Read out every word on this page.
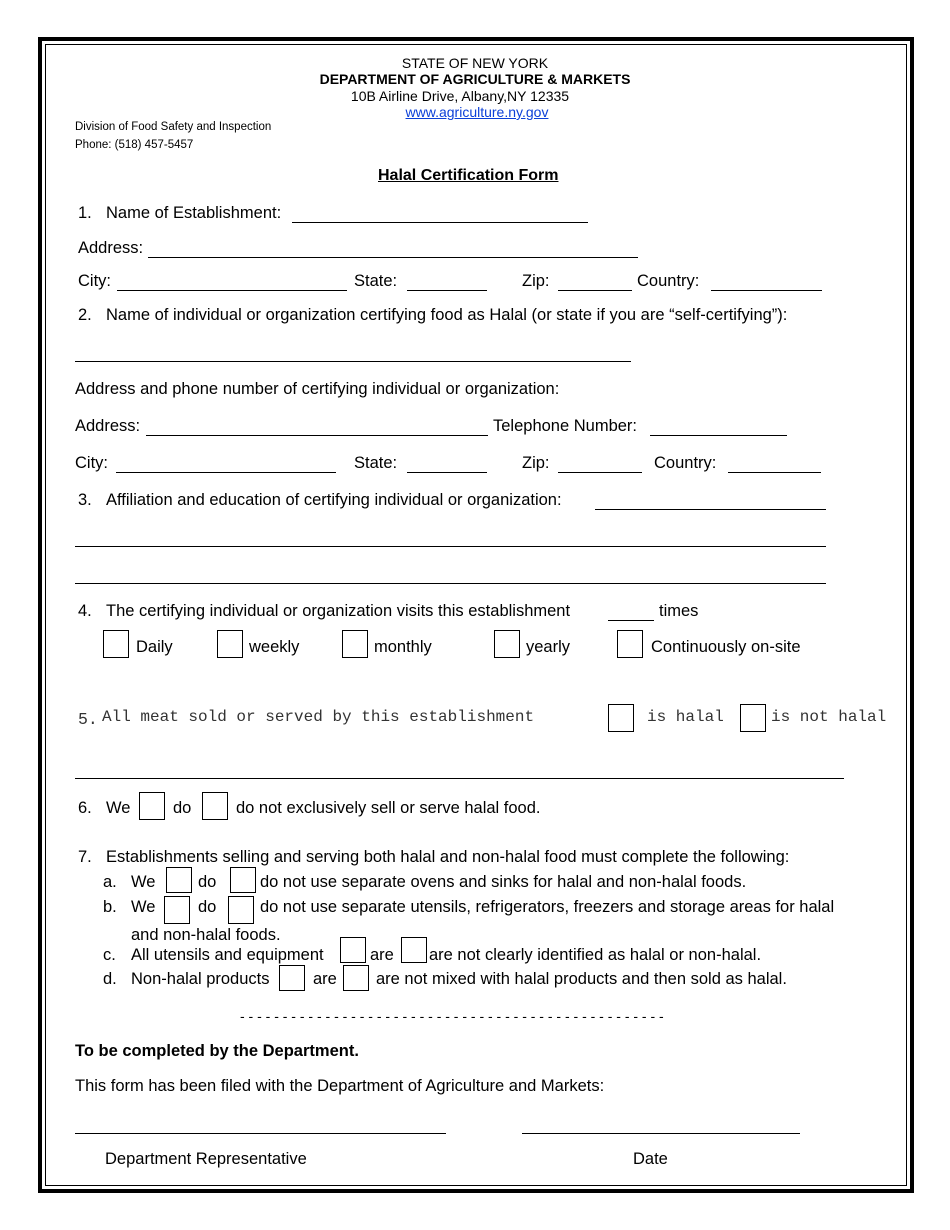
STATE OF NEW YORK
DEPARTMENT OF AGRICULTURE & MARKETS
10B Airline Drive, Albany,NY 12335
www.agriculture.ny.gov
Division of Food Safety and Inspection
Phone: (518) 457-5457
Halal Certification Form
1. Name of Establishment:
Address:
City:	State:	Zip:	Country:
2. Name of individual or organization certifying food as Halal (or state if you are “self-certifying”):
Address and phone number of certifying individual or organization:
Address:	Telephone Number:
City:	State:	Zip:	Country:
3. Affiliation and education of certifying individual or organization:
4. The certifying individual or organization visits this establishment	times
Daily	weekly	monthly	yearly	Continuously on-site
5. All meat sold or served by this establishment	is halal	is not halal
6. We	do	do not exclusively sell or serve halal food.
7. Establishments selling and serving both halal and non-halal food must complete the following:
a. We	do	do not use separate ovens and sinks for halal and non-halal foods.
b. We	do	do not use separate utensils, refrigerators, freezers and storage areas for halal
and non-halal foods.
c. All utensils and equipment	are are not clearly identified as halal or non-halal.
d. Non-halal products	are are not mixed with halal products and then sold as halal.
- - - - - - - - - - - - - - - - - - - - - - - - - - - - - - - - - - - - - - - - - - - - - - - - - -
To be completed by the Department.
This form has been filed with the Department of Agriculture and Markets:
Department Representative	Date
